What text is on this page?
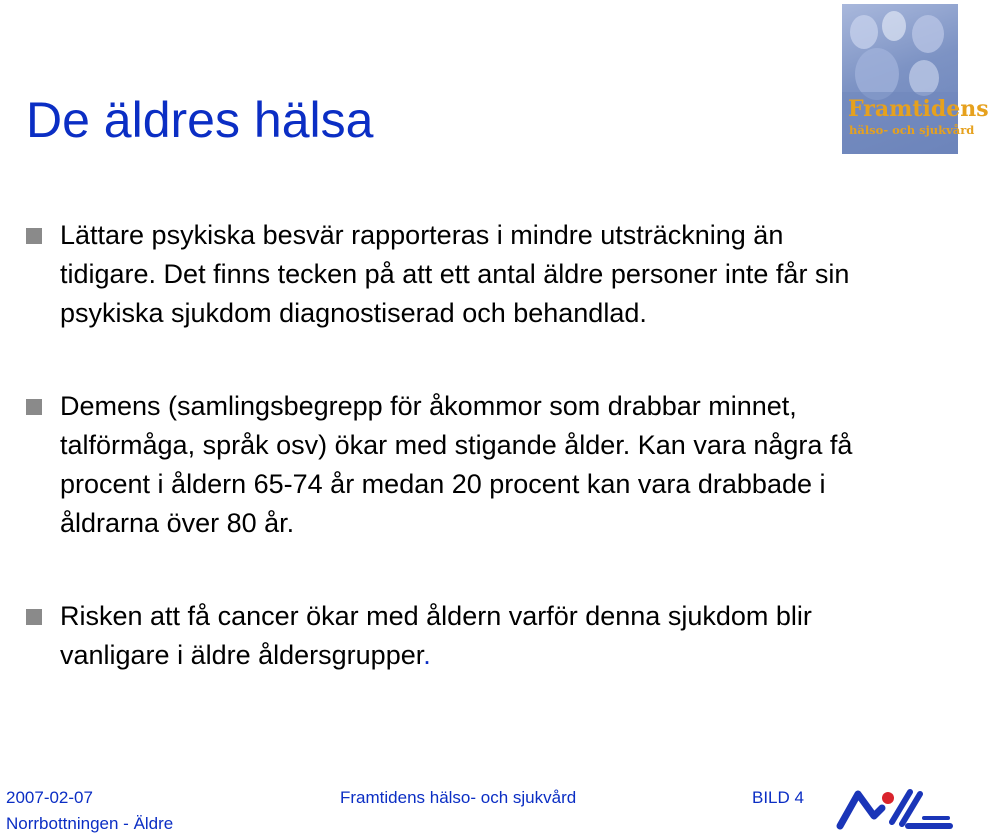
De äldres hälsa	Framtidens
hälso- och sjukvård
Lättare psykiska besvär rapporteras i mindre utsträckning än tidigare. Det finns tecken på att ett antal äldre personer inte får sin psykiska sjukdom diagnostiserad och behandlad.
Demens (samlingsbegrepp för åkommor som drabbar minnet, talförmåga, språk osv) ökar med stigande ålder. Kan vara några få procent i åldern 65-74 år medan 20 procent kan vara drabbade i åldrarna över 80 år.
Risken att få cancer ökar med åldern varför denna sjukdom blir vanligare i äldre åldersgrupper.
2007-02-07
Norrbottningen - Äldre
Framtidens hälso- och sjukvård	BILD 4
